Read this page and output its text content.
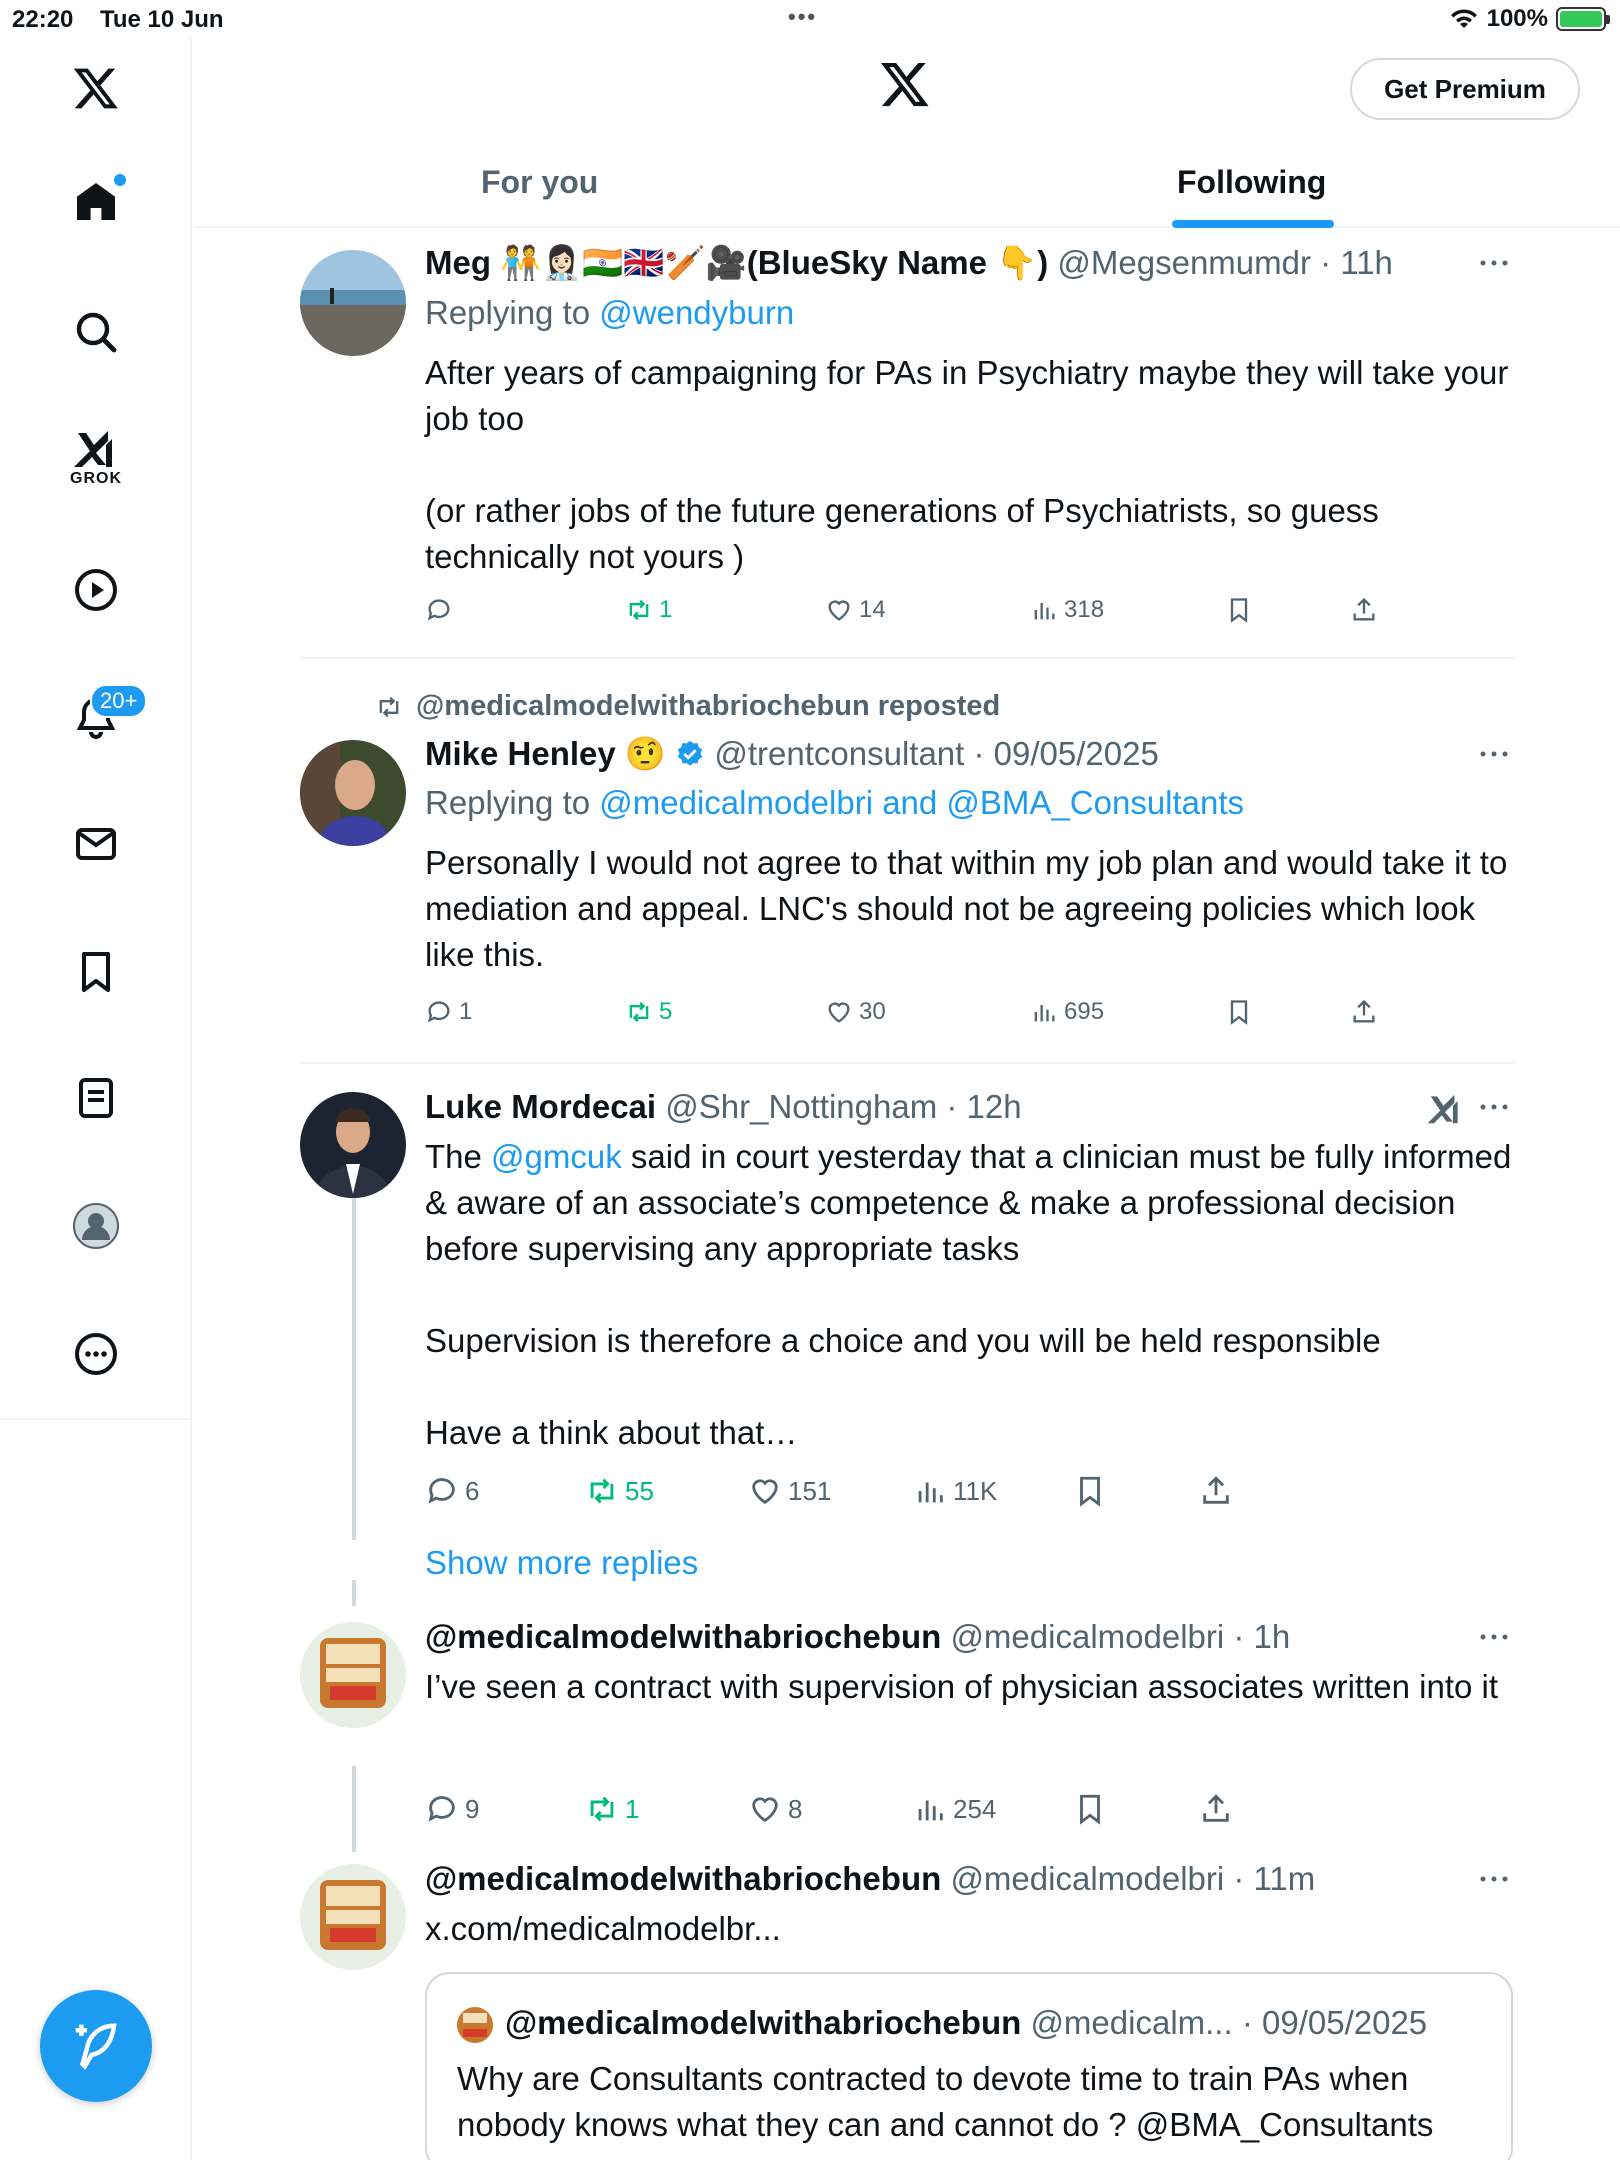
22:20 Tue 10 Jun	•••	100%
GROK
20+
Get Premium
For you	Following
Meg 🧑‍🤝‍🧑👩🏻‍⚕️🇮🇳🇬🇧🏏🎥(BlueSky Name 👇) @Megsenmumdr · 11h
Replying to @wendyburn
After years of campaigning for PAs in Psychiatry maybe they will take your job too

(or rather jobs of the future generations of Psychiatrists, so guess technically not yours )
1	14	318
@medicalmodelwithabriochebun reposted
Mike Henley 🤨 @trentconsultant · 09/05/2025
Replying to @medicalmodelbri and @BMA_Consultants
Personally I would not agree to that within my job plan and would take it to mediation and appeal. LNC's should not be agreeing policies which look like this.
1	5	30	695
Luke Mordecai @Shr_Nottingham · 12h
The @gmcuk said in court yesterday that a clinician must be fully informed & aware of an associate’s competence & make a professional decision before supervising any appropriate tasks

Supervision is therefore a choice and you will be held responsible

Have a think about that…
6	55	151	11K
Show more replies
@medicalmodelwithabriochebun @medicalmodelbri · 1h
I’ve seen a contract with supervision of physician associates written into it
9	1	8	254
@medicalmodelwithabriochebun @medicalmodelbri · 11m
x.com/medicalmodelbr...
@medicalmodelwithabriochebun @medicalm... · 09/05/2025
Why are Consultants contracted to devote time to train PAs when nobody knows what they can and cannot do ? @BMA_Consultants
